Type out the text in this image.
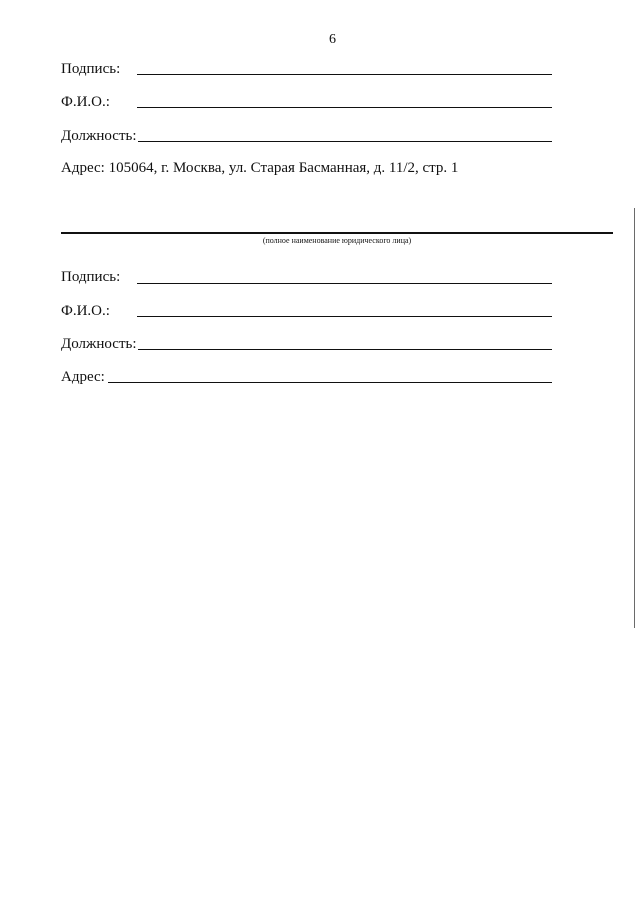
6
Подпись:
Ф.И.О.:
Должность:
Адрес: 105064, г. Москва, ул. Старая Басманная, д. 11/2, стр. 1
(полное наименование юридического лица)
Подпись:
Ф.И.О.:
Должность:
Адрес:
